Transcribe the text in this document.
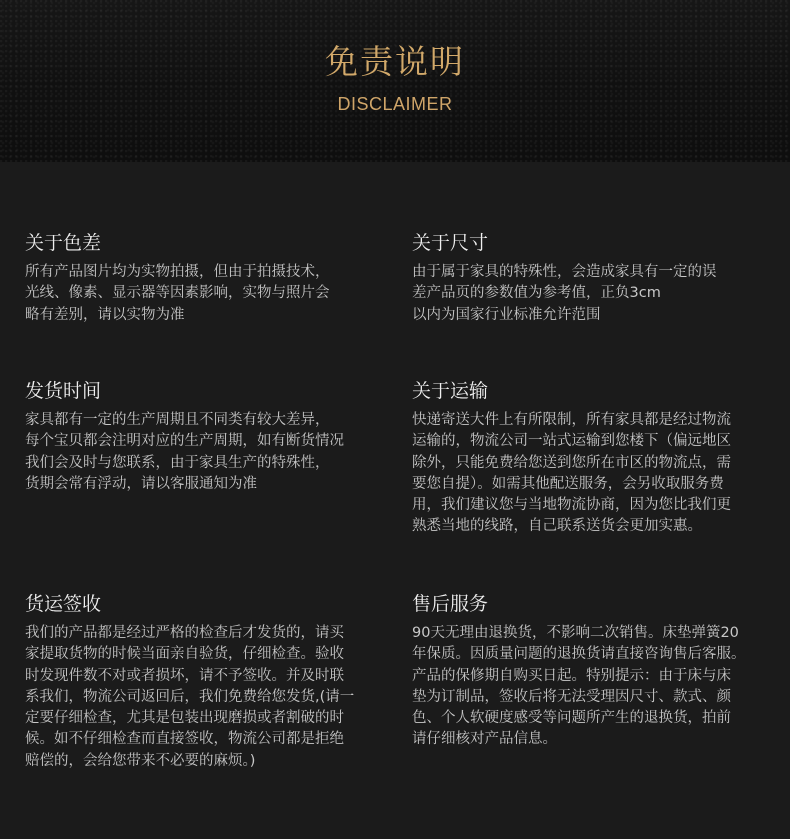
免责说明
DISCLAIMER
关于色差
所有产品图片均为实物拍摄，但由于拍摄技术，
光线、像素、显示器等因素影响，实物与照片会
略有差别，请以实物为准
关于尺寸
由于属于家具的特殊性，会造成家具有一定的误
差产品页的参数值为参考值，正负3cm
以内为国家行业标准允许范围
发货时间
家具都有一定的生产周期且不同类有较大差异，
每个宝贝都会注明对应的生产周期，如有断货情况
我们会及时与您联系，由于家具生产的特殊性，
货期会常有浮动，请以客服通知为准
关于运输
快递寄送大件上有所限制，所有家具都是经过物流
运输的，物流公司一站式运输到您楼下（偏远地区
除外，只能免费给您送到您所在市区的物流点，需
要您自提）。如需其他配送服务，会另收取服务费
用，我们建议您与当地物流协商，因为您比我们更
熟悉当地的线路，自己联系送货会更加实惠。
货运签收
我们的产品都是经过严格的检查后才发货的，请买
家提取货物的时候当面亲自验货，仔细检查。验收
时发现件数不对或者损坏，请不予签收。并及时联
系我们，物流公司返回后，我们免费给您发货,(请一
定要仔细检查，尤其是包装出现磨损或者割破的时
候。如不仔细检查而直接签收，物流公司都是拒绝
赔偿的，会给您带来不必要的麻烦。)
售后服务
90天无理由退换货，不影响二次销售。床垫弹簧20
年保质。因质量问题的退换货请直接咨询售后客服。
产品的保修期自购买日起。特别提示：由于床与床
垫为订制品，签收后将无法受理因尺寸、款式、颜
色、个人软硬度感受等问题所产生的退换货，拍前
请仔细核对产品信息。
